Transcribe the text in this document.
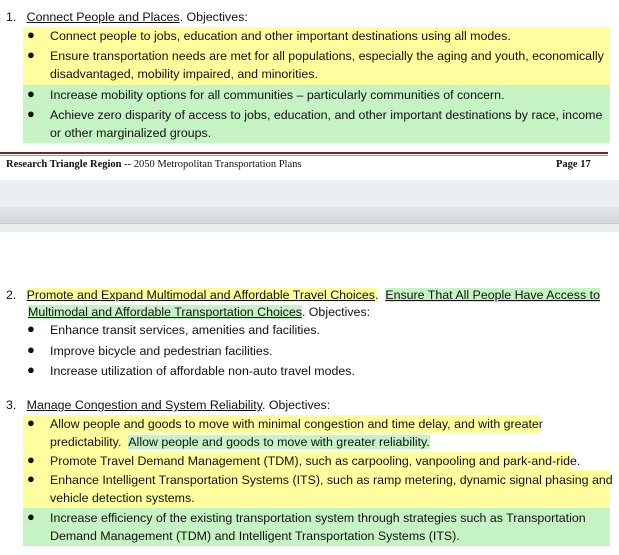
1. Connect People and Places. Objectives:
● Connect people to jobs, education and other important destinations using all modes.
● Ensure transportation needs are met for all populations, especially the aging and youth, economically
disadvantaged, mobility impaired, and minorities.
● Increase mobility options for all communities – particularly communities of concern.
● Achieve zero disparity of access to jobs, education, and other important destinations by race, income
or other marginalized groups.
Research Triangle Region -- 2050 Metropolitan Transportation Plans	Page 17
2. Promote and Expand Multimodal and Affordable Travel Choices. Ensure That All People Have Access to
Multimodal and Affordable Transportation Choices. Objectives:
● Enhance transit services, amenities and facilities.
● Improve bicycle and pedestrian facilities.
● Increase utilization of affordable non-auto travel modes.
3. Manage Congestion and System Reliability. Objectives:
● Allow people and goods to move with minimal congestion and time delay, and with greater
predictability. Allow people and goods to move with greater reliability.
● Promote Travel Demand Management (TDM), such as carpooling, vanpooling and park-and-ride.
● Enhance Intelligent Transportation Systems (ITS), such as ramp metering, dynamic signal phasing and
vehicle detection systems.
● Increase efficiency of the existing transportation system through strategies such as Transportation
Demand Management (TDM) and Intelligent Transportation Systems (ITS).
